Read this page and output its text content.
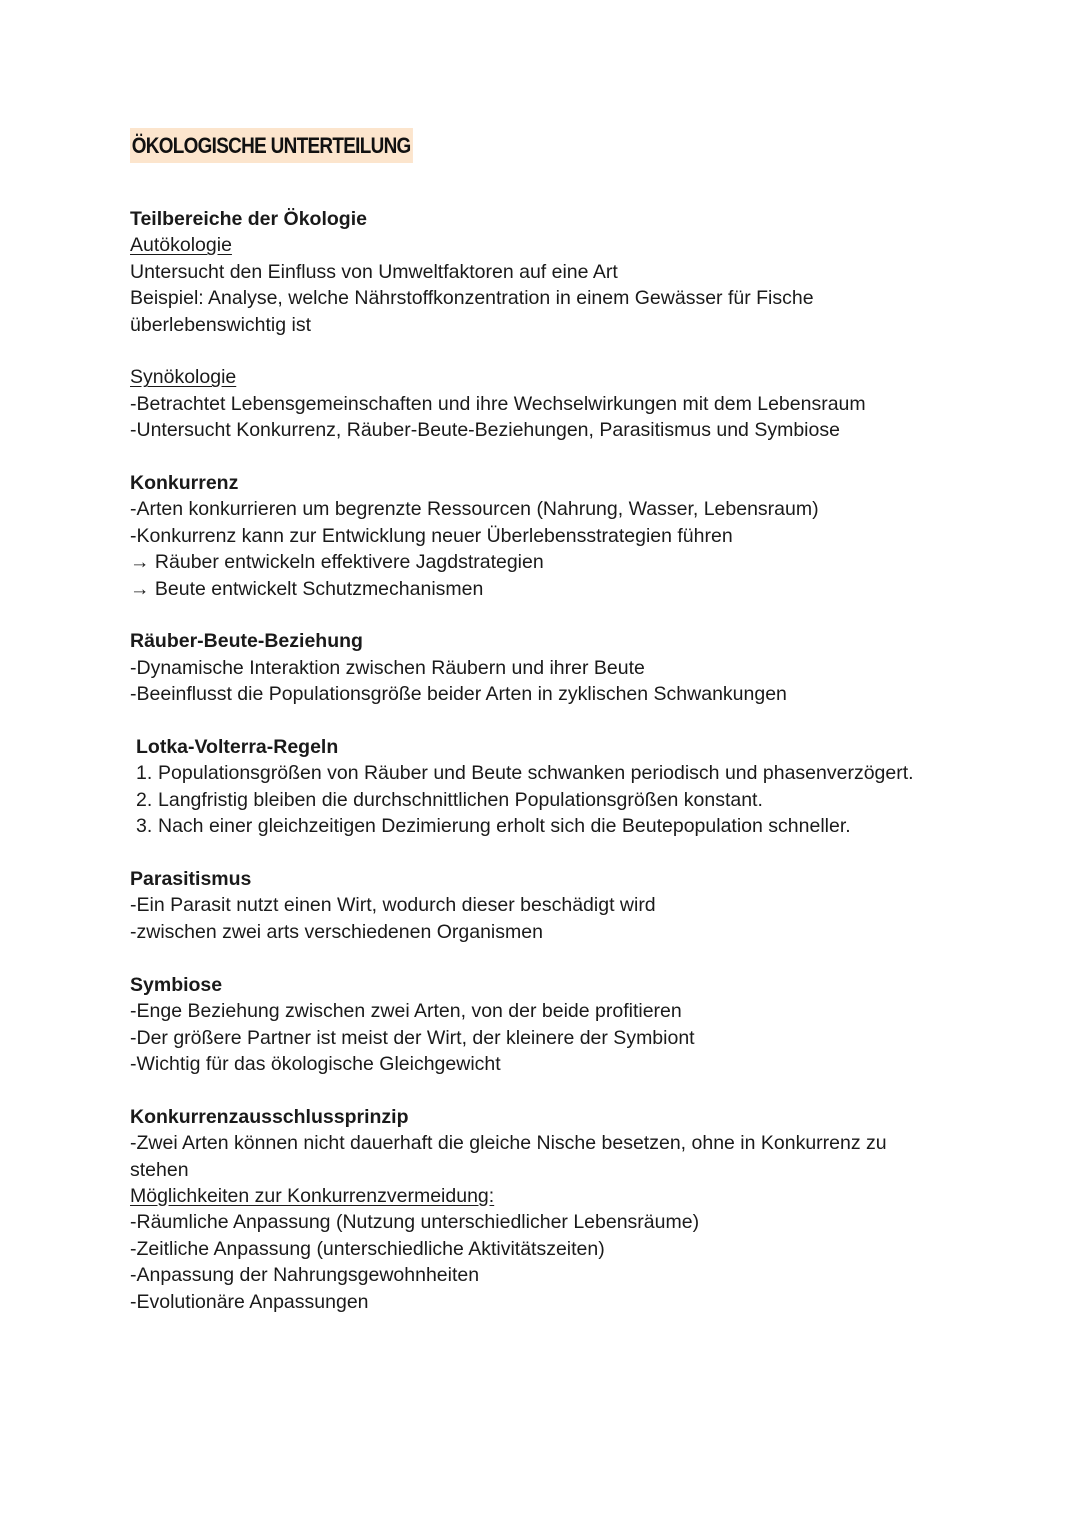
ÖKOLOGISCHE UNTERTEILUNG

Teilbereiche der Ökologie

Autökologie

Untersucht den Einfluss von Umweltfaktoren auf eine Art

Beispiel: Analyse, welche Nährstoffkonzentration in einem Gewässer für Fische

überlebenswichtig ist

Synökologie

-Betrachtet Lebensgemeinschaften und ihre Wechselwirkungen mit dem Lebensraum

-Untersucht Konkurrenz, Räuber-Beute-Beziehungen, Parasitismus und Symbiose

Konkurrenz

-Arten konkurrieren um begrenzte Ressourcen (Nahrung, Wasser, Lebensraum)

-Konkurrenz kann zur Entwicklung neuer Überlebensstrategien führen

→ Räuber entwickeln effektivere Jagdstrategien

→ Beute entwickelt Schutzmechanismen

Räuber-Beute-Beziehung

-Dynamische Interaktion zwischen Räubern und ihrer Beute

-Beeinflusst die Populationsgröße beider Arten in zyklischen Schwankungen

Lotka-Volterra-Regeln

1. Populationsgrößen von Räuber und Beute schwanken periodisch und phasenverzögert.

2. Langfristig bleiben die durchschnittlichen Populationsgrößen konstant.

3. Nach einer gleichzeitigen Dezimierung erholt sich die Beutepopulation schneller.

Parasitismus

-Ein Parasit nutzt einen Wirt, wodurch dieser beschädigt wird

-zwischen zwei arts verschiedenen Organismen

Symbiose

-Enge Beziehung zwischen zwei Arten, von der beide profitieren

-Der größere Partner ist meist der Wirt, der kleinere der Symbiont

-Wichtig für das ökologische Gleichgewicht

Konkurrenzausschlussprinzip

-Zwei Arten können nicht dauerhaft die gleiche Nische besetzen, ohne in Konkurrenz zu

stehen

Möglichkeiten zur Konkurrenzvermeidung:

-Räumliche Anpassung (Nutzung unterschiedlicher Lebensräume)

-Zeitliche Anpassung (unterschiedliche Aktivitätszeiten)

-Anpassung der Nahrungsgewohnheiten

-Evolutionäre Anpassungen
